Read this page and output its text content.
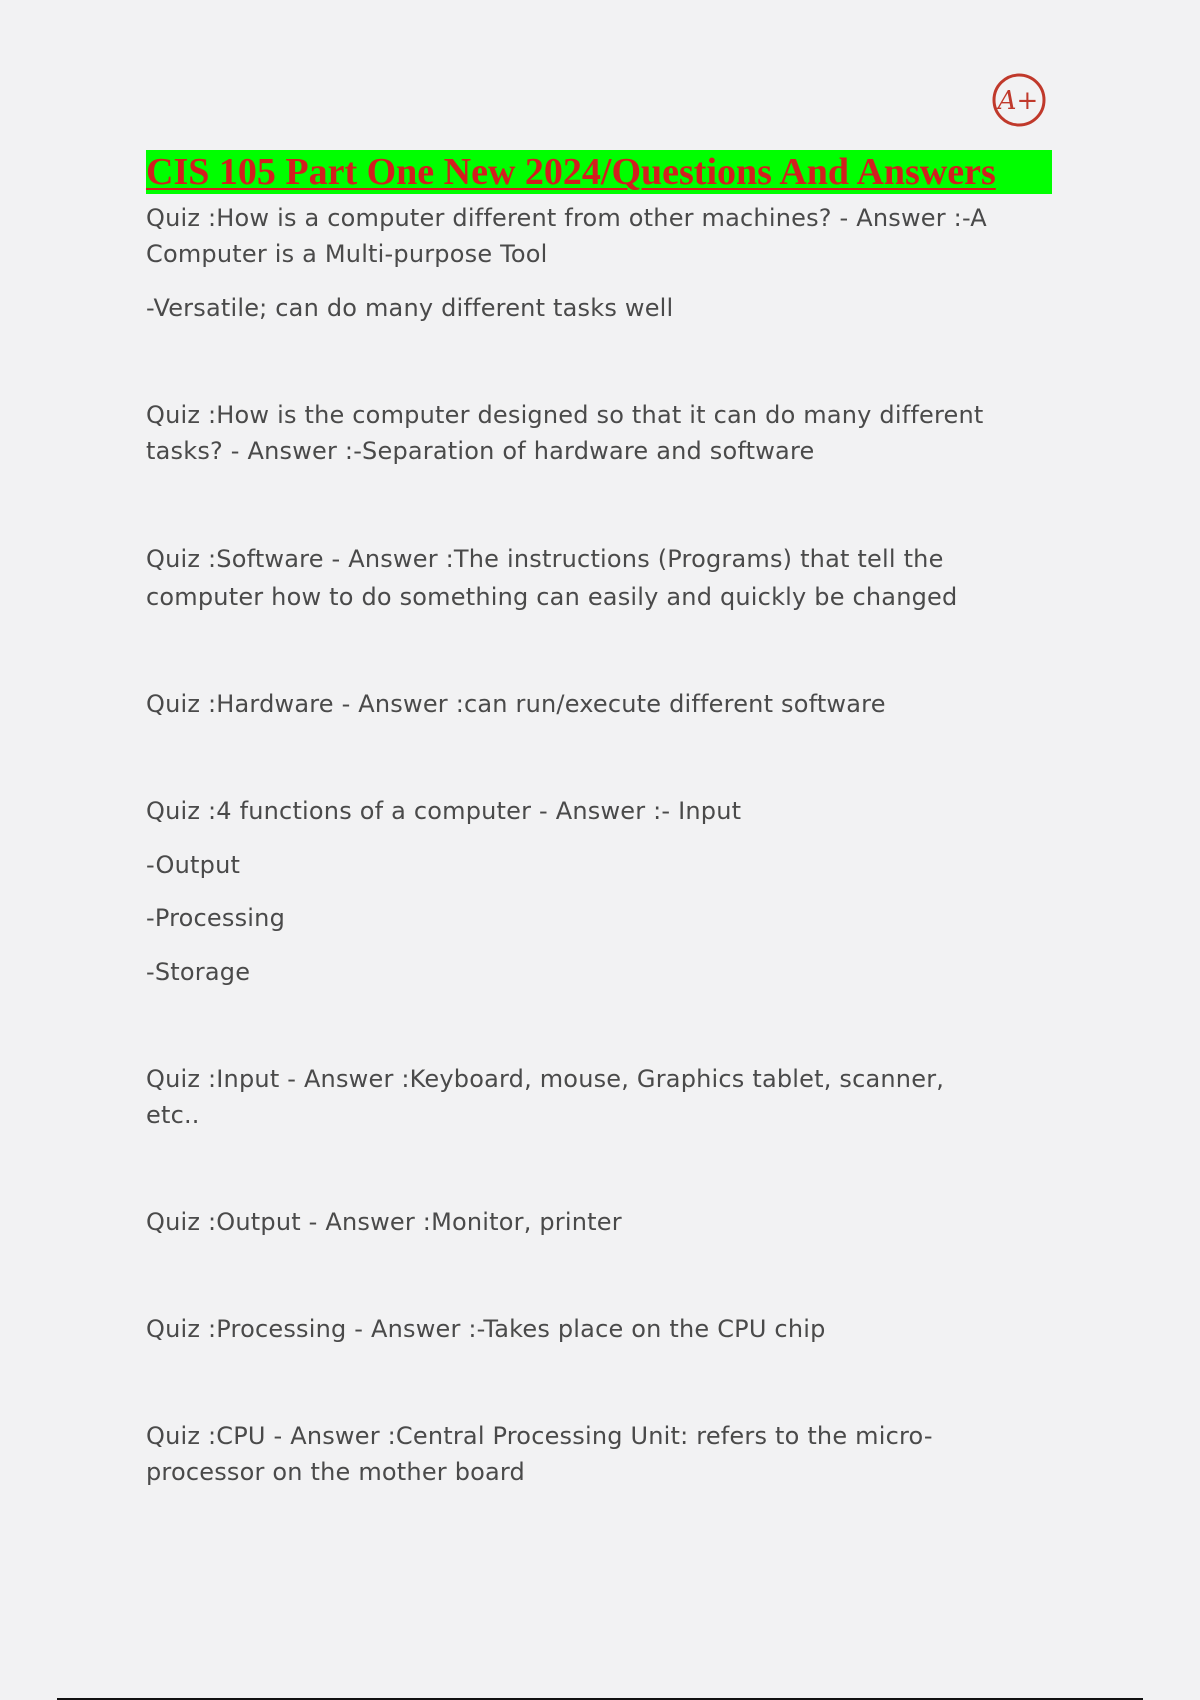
A+
CIS 105 Part One New 2024/Questions And Answers
Quiz :How is a computer different from other machines? - Answer :-A
Computer is a Multi-purpose Tool
-Versatile; can do many different tasks well
Quiz :How is the computer designed so that it can do many different
tasks? - Answer :-Separation of hardware and software
Quiz :Software - Answer :The instructions (Programs) that tell the
computer how to do something can easily and quickly be changed
Quiz :Hardware - Answer :can run/execute different software
Quiz :4 functions of a computer - Answer :- Input
-Output
-Processing
-Storage
Quiz :Input - Answer :Keyboard, mouse, Graphics tablet, scanner,
etc..
Quiz :Output - Answer :Monitor, printer
Quiz :Processing - Answer :-Takes place on the CPU chip
Quiz :CPU - Answer :Central Processing Unit: refers to the micro-
processor on the mother board
